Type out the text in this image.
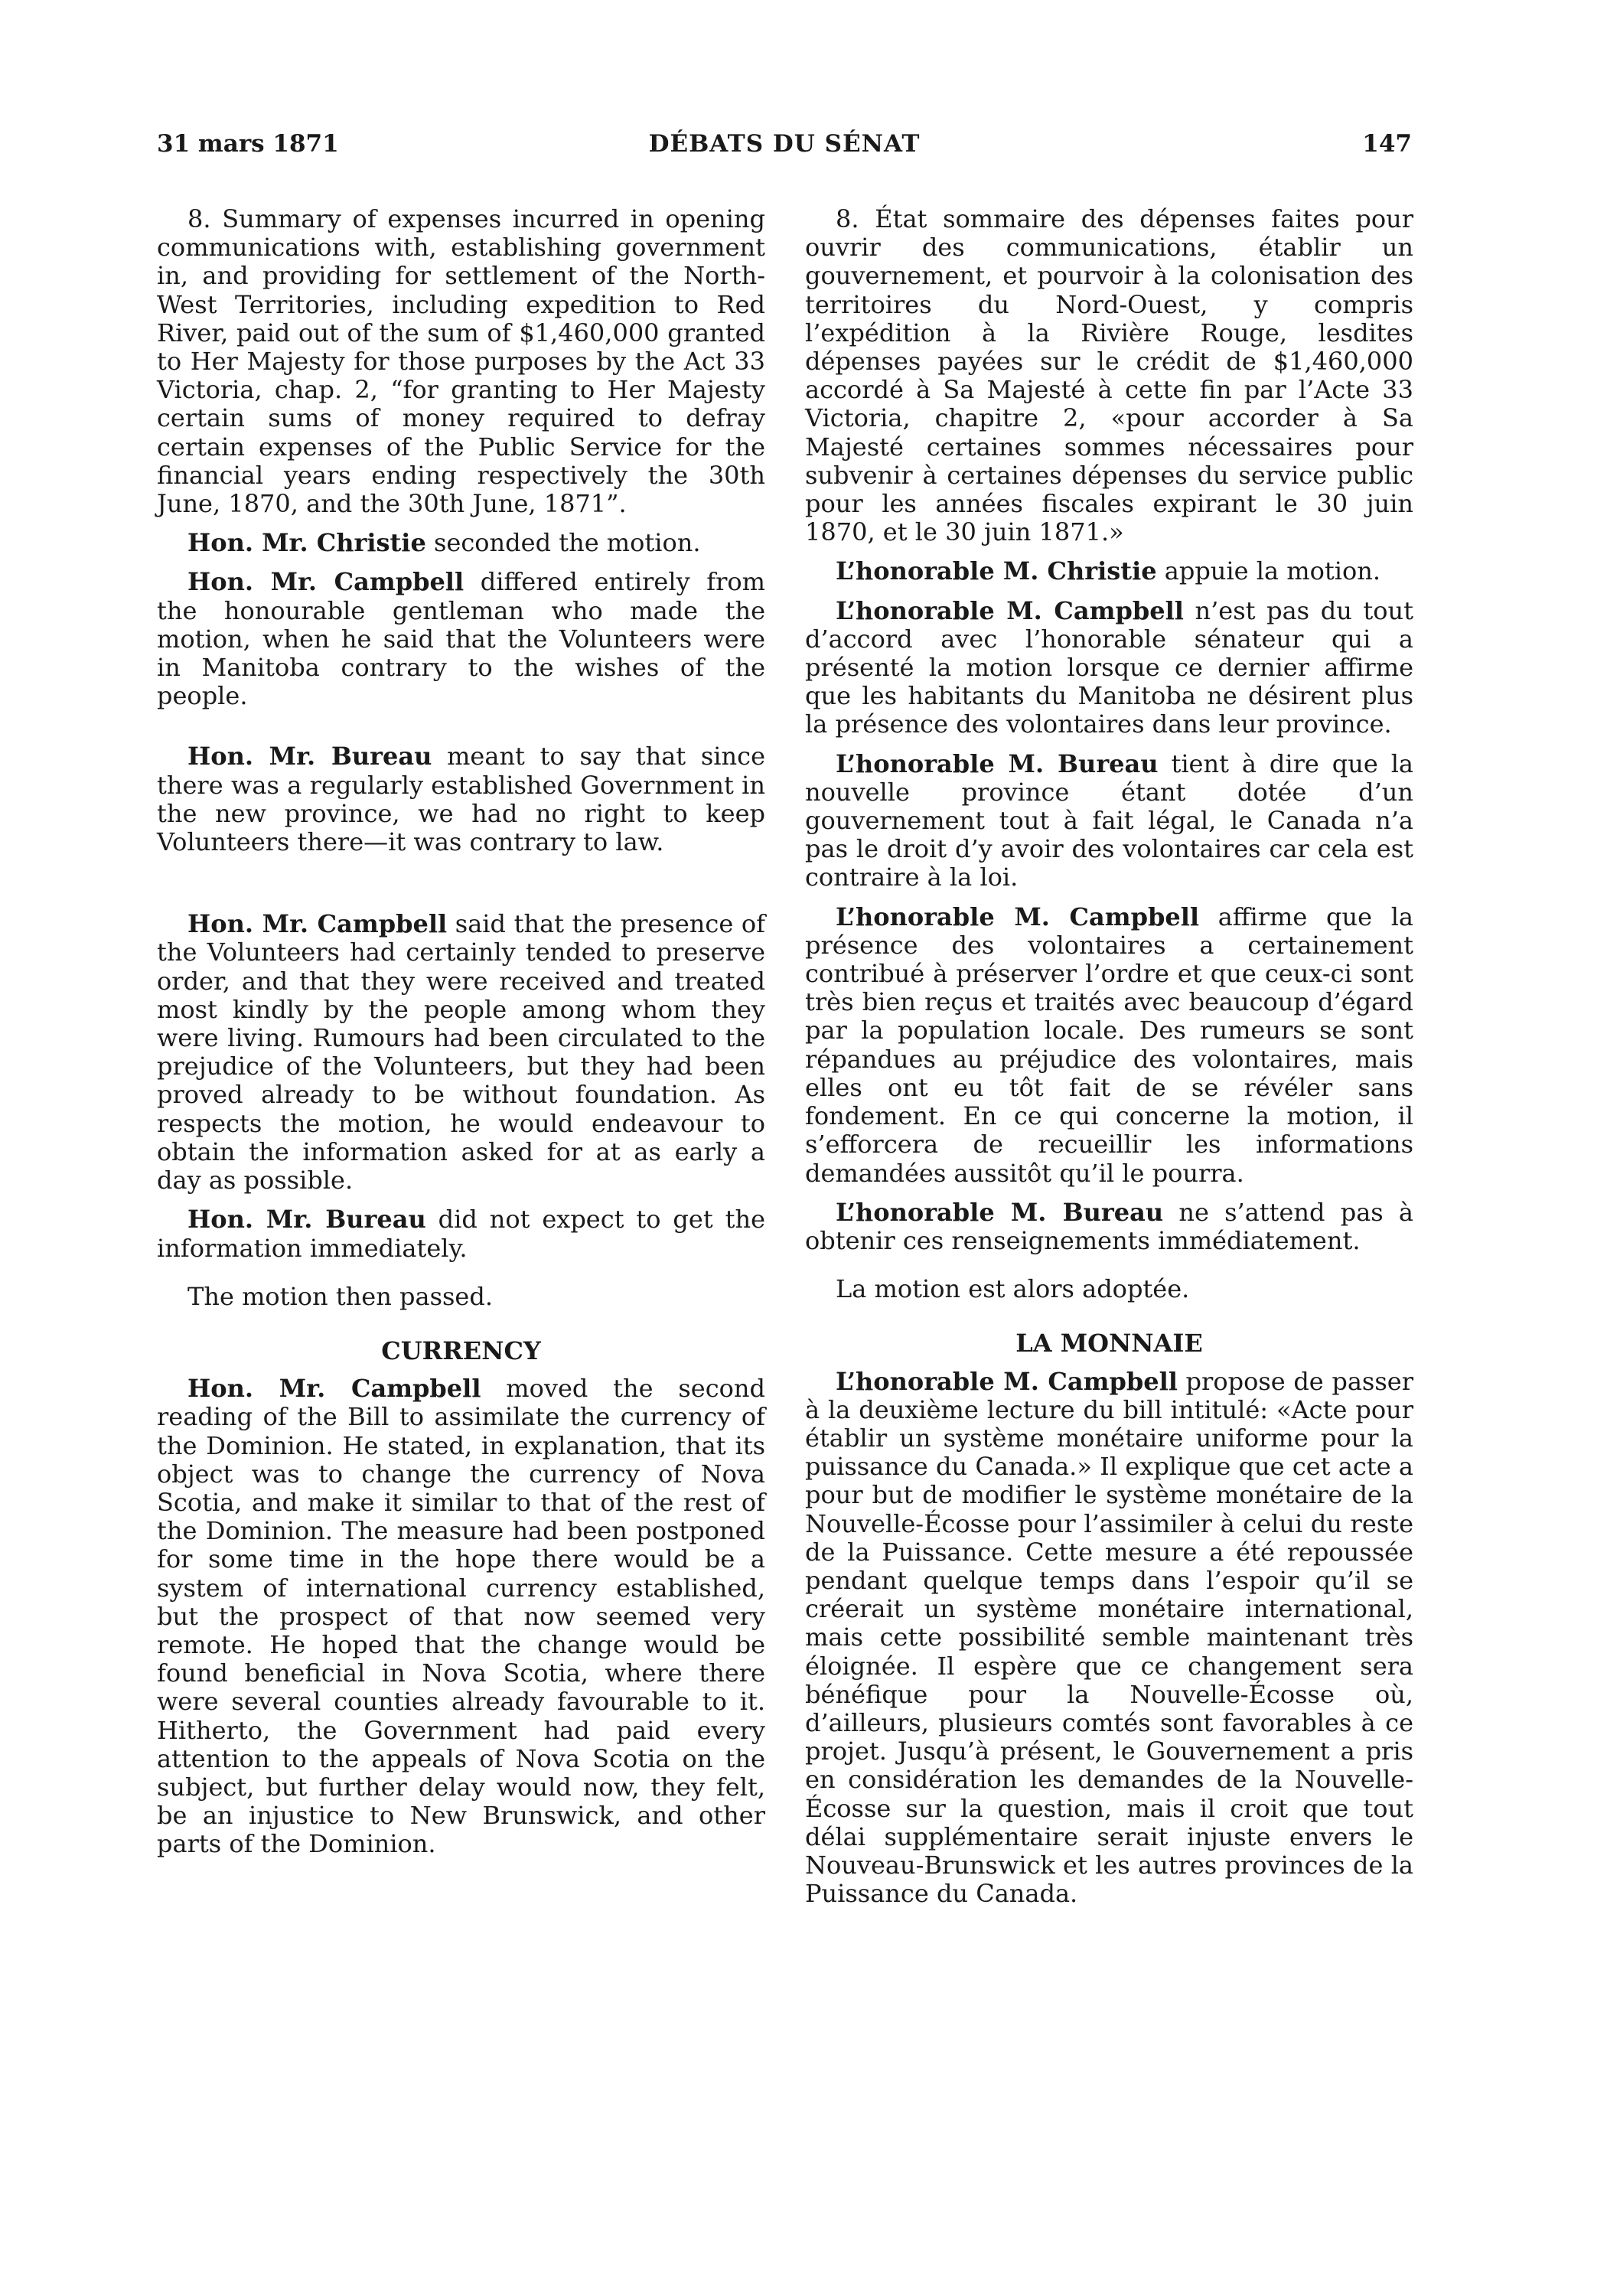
31 mars 1871	DÉBATS DU SÉNAT	147

8. Summary of expenses incurred in opening communications with, establishing government in, and providing for settlement of the North-West Territories, including expedition to Red River, paid out of the sum of $1,460,000 granted to Her Majesty for those purposes by the Act 33 Victoria, chap. 2, “for granting to Her Majesty certain sums of money required to defray certain expenses of the Public Service for the financial years ending respectively the 30th June, 1870, and the 30th June, 1871”.

Hon. Mr. Christie seconded the motion.

Hon. Mr. Campbell differed entirely from the honourable gentleman who made the motion, when he said that the Volunteers were in Manitoba contrary to the wishes of the people.

Hon. Mr. Bureau meant to say that since there was a regularly established Government in the new province, we had no right to keep Volunteers there—it was contrary to law.

Hon. Mr. Campbell said that the presence of the Volunteers had certainly tended to preserve order, and that they were received and treated most kindly by the people among whom they were living. Rumours had been circulated to the prejudice of the Volunteers, but they had been proved already to be without foundation. As respects the motion, he would endeavour to obtain the information asked for at as early a day as possible.

Hon. Mr. Bureau did not expect to get the information immediately.

The motion then passed.

CURRENCY

Hon. Mr. Campbell moved the second reading of the Bill to assimilate the currency of the Dominion. He stated, in explanation, that its object was to change the currency of Nova Scotia, and make it similar to that of the rest of the Dominion. The measure had been postponed for some time in the hope there would be a system of international currency established, but the prospect of that now seemed very remote. He hoped that the change would be found beneficial in Nova Scotia, where there were several counties already favourable to it. Hitherto, the Government had paid every attention to the appeals of Nova Scotia on the subject, but further delay would now, they felt, be an injustice to New Brunswick, and other parts of the Dominion.

8. État sommaire des dépenses faites pour ouvrir des communications, établir un gouvernement, et pourvoir à la colonisation des territoires du Nord-Ouest, y compris l’expédition à la Rivière Rouge, lesdites dépenses payées sur le crédit de $1,460,000 accordé à Sa Majesté à cette fin par l’Acte 33 Victoria, chapitre 2, «pour accorder à Sa Majesté certaines sommes nécessaires pour subvenir à certaines dépenses du service public pour les années fiscales expirant le 30 juin 1870, et le 30 juin 1871.»

L’honorable M. Christie appuie la motion.

L’honorable M. Campbell n’est pas du tout d’accord avec l’honorable sénateur qui a présenté la motion lorsque ce dernier affirme que les habitants du Manitoba ne désirent plus la présence des volontaires dans leur province.

L’honorable M. Bureau tient à dire que la nouvelle province étant dotée d’un gouvernement tout à fait légal, le Canada n’a pas le droit d’y avoir des volontaires car cela est contraire à la loi.

L’honorable M. Campbell affirme que la présence des volontaires a certainement contribué à préserver l’ordre et que ceux-ci sont très bien reçus et traités avec beaucoup d’égard par la population locale. Des rumeurs se sont répandues au préjudice des volontaires, mais elles ont eu tôt fait de se révéler sans fondement. En ce qui concerne la motion, il s’efforcera de recueillir les informations demandées aussitôt qu’il le pourra.

L’honorable M. Bureau ne s’attend pas à obtenir ces renseignements immédiatement.

La motion est alors adoptée.

LA MONNAIE

L’honorable M. Campbell propose de passer à la deuxième lecture du bill intitulé: «Acte pour établir un système monétaire uniforme pour la puissance du Canada.» Il explique que cet acte a pour but de modifier le système monétaire de la Nouvelle-Écosse pour l’assimiler à celui du reste de la Puissance. Cette mesure a été repoussée pendant quelque temps dans l’espoir qu’il se créerait un système monétaire international, mais cette possibilité semble maintenant très éloignée. Il espère que ce changement sera bénéfique pour la Nouvelle-Écosse où, d’ailleurs, plusieurs comtés sont favorables à ce projet. Jusqu’à présent, le Gouvernement a pris en considération les demandes de la Nouvelle-Écosse sur la question, mais il croit que tout délai supplémentaire serait injuste envers le Nouveau-Brunswick et les autres provinces de la Puissance du Canada.
